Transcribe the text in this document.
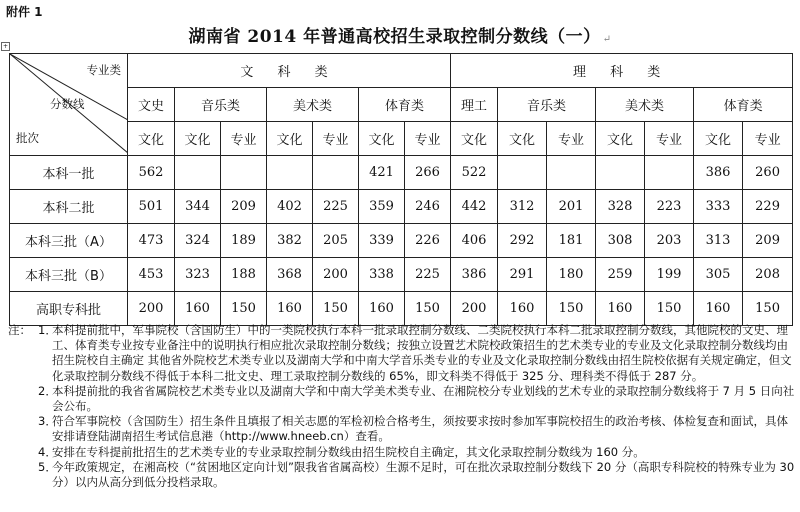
附件 1
+	湖南省 2014 年普通高校招生录取控制分数线（一） ↵
专业类
分数线
批次	文 科 类							理 科 类						
	文史	音乐类		美术类		体育类		理工	音乐类		美术类		体育类	
	文化	文化	专业	文化	专业	文化	专业	文化	文化	专业	文化	专业	文化	专业
本科一批	562					421	266	522					386	260
本科二批	501	344	209	402	225	359	246	442	312	201	328	223	333	229
本科三批（A）	473	324	189	382	205	339	226	406	292	181	308	203	313	209
本科三批（B）	453	323	188	368	200	338	225	386	291	180	259	199	305	208
高职专科批	200	160	150	160	150	160	150	200	160	150	160	150	160	150
注： 1．
本科提前批中，军事院校（含国防生）中的一类院校执行本科一批录取控制分数线、二类院校执行本科二批录取控制分数线，其他院校的文史、理工、体育类专业按专业备注中的说明执行相应批次录取控制分数线；按独立设置艺术院校政策招生的艺术类专业的专业及文化录取控制分数线均由招生院校自主确定 其他省外院校艺术类专业以及湖南大学和中南大学音乐类专业的专业及文化录取控制分数线由招生院校依据有关规定确定，但文化录取控制分数线不得低于本科二批文史、理工录取控制分数线的 65%，即文科类不得低于 325 分、理科类不得低于 287 分。
2．
本科提前批的我省省属院校艺术类专业以及湖南大学和中南大学美术类专业、在湘院校分专业划线的艺术专业的录取控制分数线将于 7 月 5 日向社会公布。
3．
符合军事院校（含国防生）招生条件且填报了相关志愿的军检初检合格考生，须按要求按时参加军事院校招生的政治考核、体检复查和面试，具体安排请登陆湖南招生考试信息港（http://www.hneeb.cn）查看。
4．
安排在专科提前批招生的艺术类专业的专业录取控制分数线由招生院校自主确定，其文化录取控制分数线为 160 分。
5．
今年政策规定，在湘高校（“贫困地区定向计划”限我省省属高校）生源不足时，可在批次录取控制分数线下 20 分（高职专科院校的特殊专业为 30 分）以内从高分到低分投档录取。
